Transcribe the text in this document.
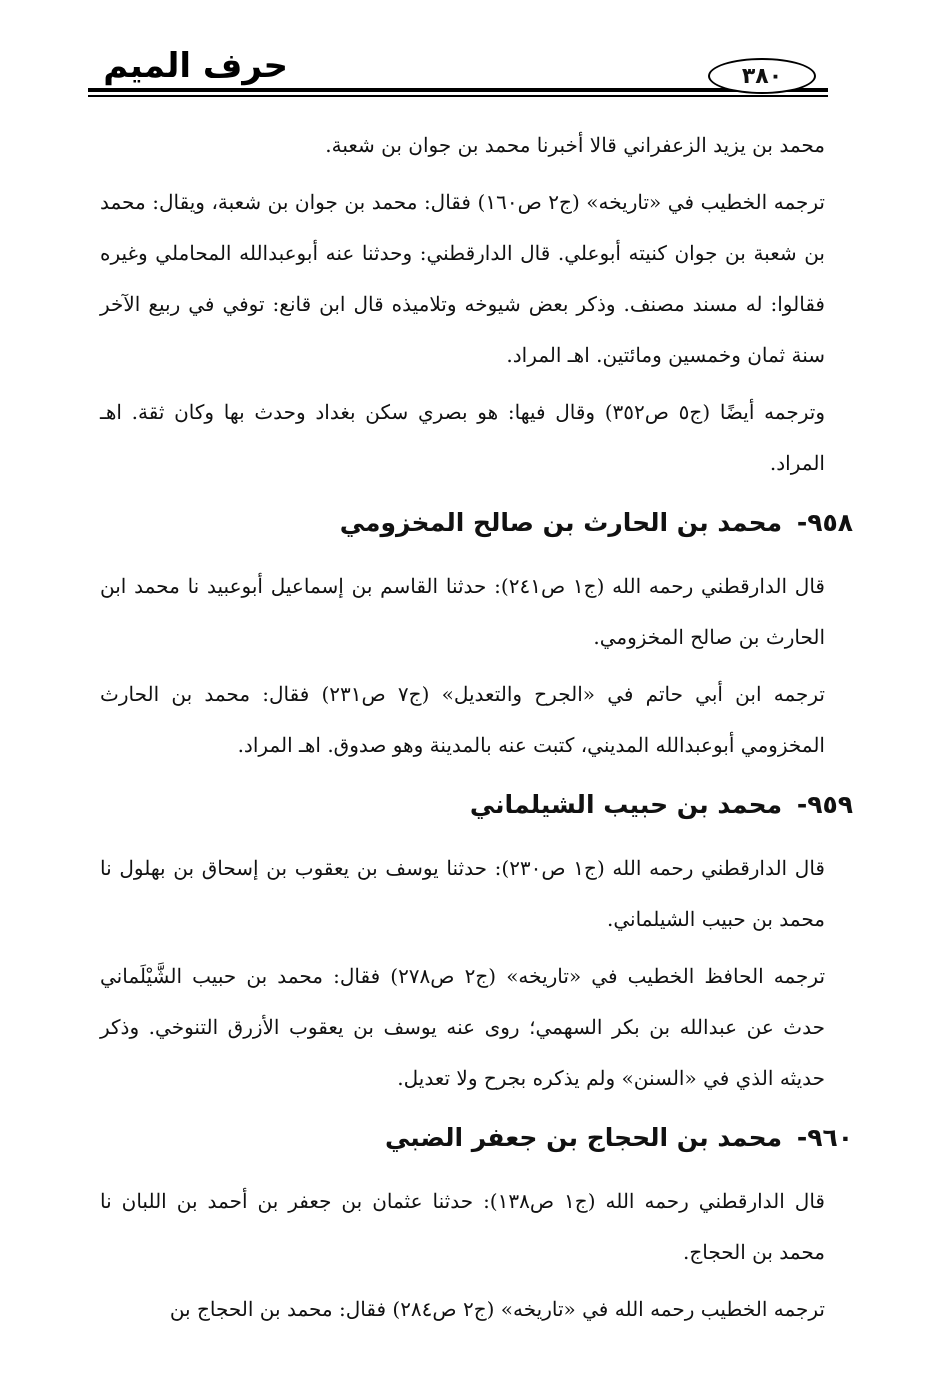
حرف الميم	٣٨٠

محمد بن يزيد الزعفراني قالا أخبرنا محمد بن جوان بن شعبة.

ترجمه الخطيب في «تاريخه» (ج٢ ص١٦٠) فقال: محمد بن جوان بن شعبة، ويقال: محمد بن شعبة بن جوان كنيته أبوعلي. قال الدارقطني: وحدثنا عنه أبوعبدالله المحاملي وغيره فقالوا: له مسند مصنف. وذكر بعض شيوخه وتلاميذه قال ابن قانع: توفي في ربيع الآخر سنة ثمان وخمسين ومائتين. اهـ المراد.

وترجمه أيضًا (ج٥ ص٣٥٢) وقال فيها: هو بصري سكن بغداد وحدث بها وكان ثقة. اهـ المراد.

٩٥٨- محمد بن الحارث بن صالح المخزومي

قال الدارقطني رحمه الله (ج١ ص٢٤١): حدثنا القاسم بن إسماعيل أبوعبيد نا محمد ابن الحارث بن صالح المخزومي.

ترجمه ابن أبي حاتم في «الجرح والتعديل» (ج٧ ص٢٣١) فقال: محمد بن الحارث المخزومي أبوعبدالله المديني، كتبت عنه بالمدينة وهو صدوق. اهـ المراد.

٩٥٩- محمد بن حبيب الشيلماني

قال الدارقطني رحمه الله (ج١ ص٢٣٠): حدثنا يوسف بن يعقوب بن إسحاق بن بهلول نا محمد بن حبيب الشيلماني.

ترجمه الحافظ الخطيب في «تاريخه» (ج٢ ص٢٧٨) فقال: محمد بن حبيب الشَّيْلَماني حدث عن عبدالله بن بكر السهمي؛ روى عنه يوسف بن يعقوب الأزرق التنوخي. وذكر حديثه الذي في «السنن» ولم يذكره بجرح ولا تعديل.

٩٦٠- محمد بن الحجاج بن جعفر الضبي

قال الدارقطني رحمه الله (ج١ ص١٣٨): حدثنا عثمان بن جعفر بن أحمد بن اللبان نا محمد بن الحجاج.

ترجمه الخطيب رحمه الله في «تاريخه» (ج٢ ص٢٨٤) فقال: محمد بن الحجاج بن
